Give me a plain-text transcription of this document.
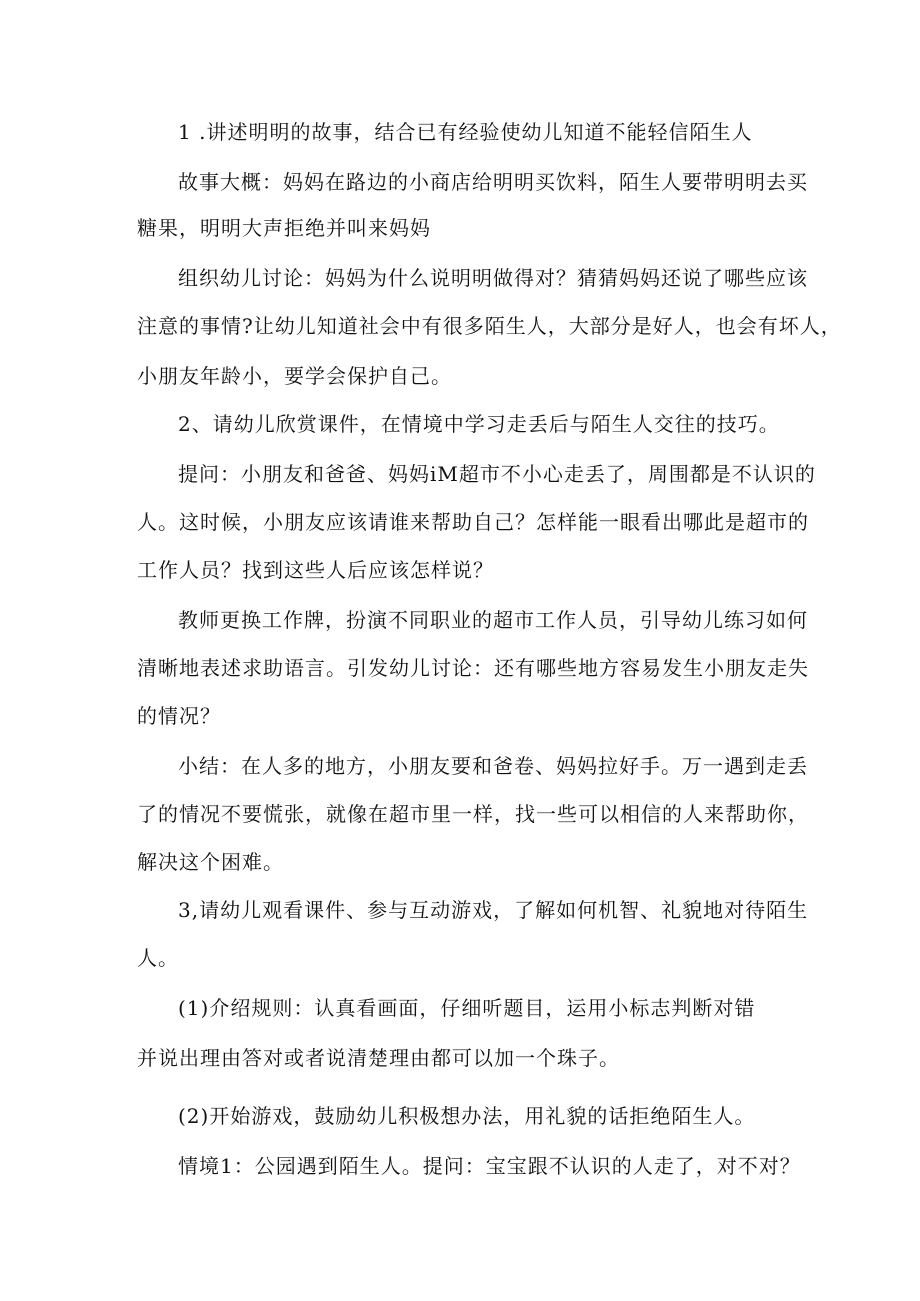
1 .讲述明明的故事，结合已有经验使幼儿知道不能轻信陌生人
故事大概：妈妈在路边的小商店给明明买饮料，陌生人要带明明去买
糖果，明明大声拒绝并叫来妈妈
组织幼儿讨论：妈妈为什么说明明做得对？猜猜妈妈还说了哪些应该
注意的事情?让幼儿知道社会中有很多陌生人，大部分是好人，也会有坏人，
小朋友年龄小，要学会保护自己。
2、请幼儿欣赏课件，在情境中学习走丢后与陌生人交往的技巧。
提问：小朋友和爸爸、妈妈iM超市不小心走丢了，周围都是不认识的
人。这时候，小朋友应该请谁来帮助自己？怎样能一眼看出哪此是超市的
工作人员？找到这些人后应该怎样说？
教师更换工作牌，扮演不同职业的超市工作人员，引导幼儿练习如何
清晰地表述求助语言。引发幼儿讨论：还有哪些地方容易发生小朋友走失
的情况？
小结：在人多的地方，小朋友要和爸卷、妈妈拉好手。万一遇到走丢
了的情况不要慌张，就像在超市里一样，找一些可以相信的人来帮助你，
解决这个困难。
3,请幼儿观看课件、参与互动游戏，了解如何机智、礼貌地对待陌生
人。
(1)介绍规则：认真看画面，仔细听题目，运用小标志判断对错
并说出理由答对或者说清楚理由都可以加一个珠子。
(2)开始游戏，鼓励幼儿积极想办法，用礼貌的话拒绝陌生人。
情境1：公园遇到陌生人。提问：宝宝跟不认识的人走了，对不对？
